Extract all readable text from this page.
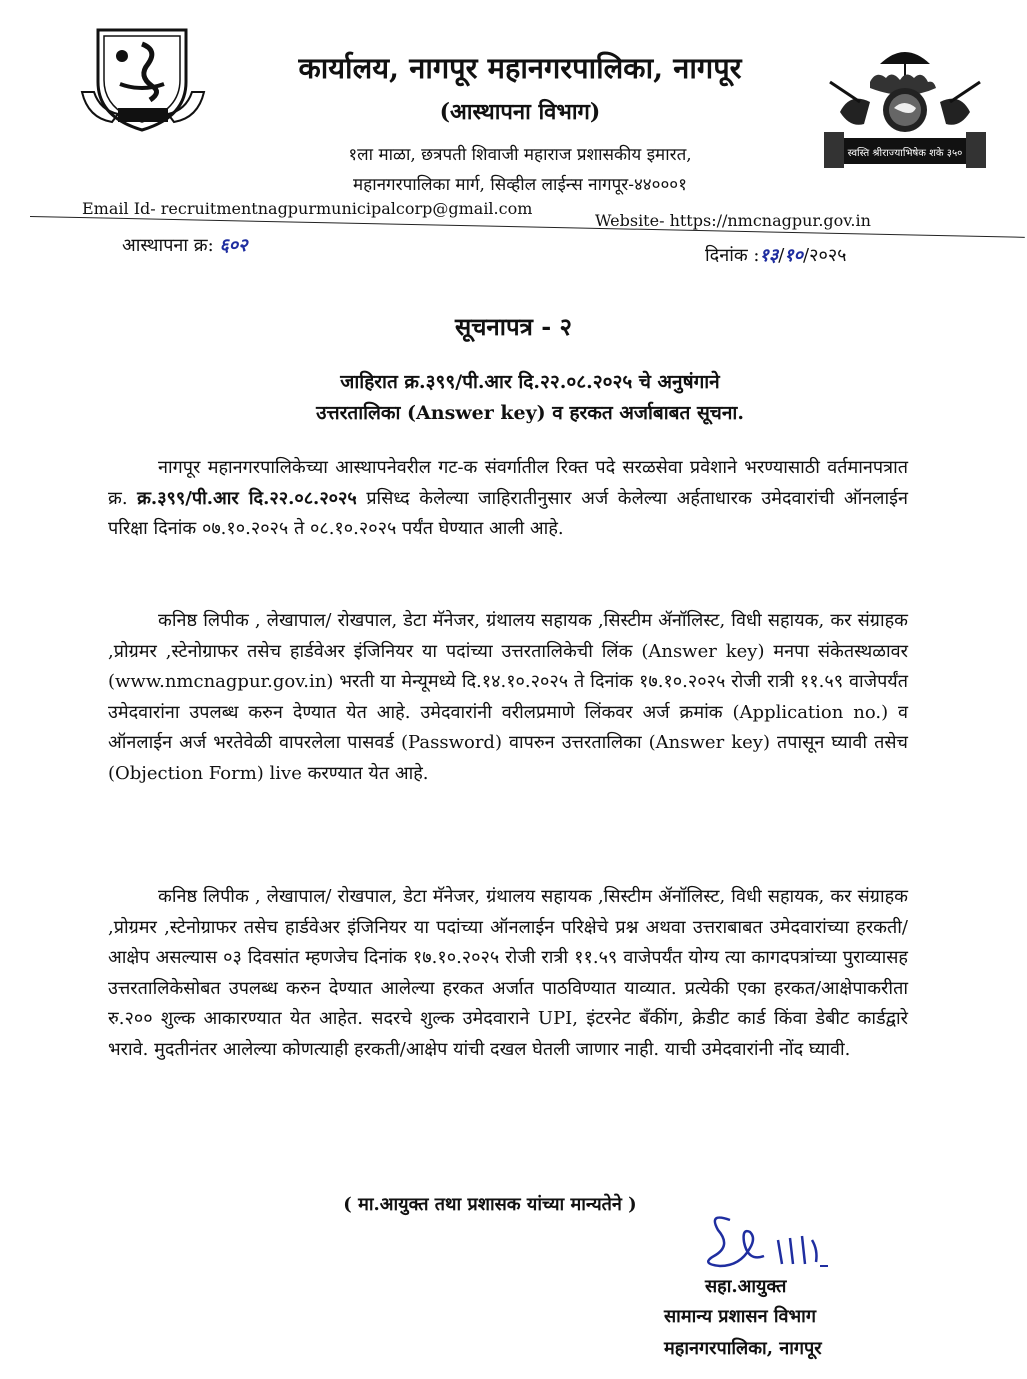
स्वस्ति श्रीराज्याभिषेक शके ३५०
कार्यालय, नागपूर महानगरपालिका, नागपूर
(आस्थापना विभाग)
१ला माळा, छत्रपती शिवाजी महाराज प्रशासकीय इमारत,
महानगरपालिका मार्ग, सिव्हील लाईन्स नागपूर-४४०००१
Email Id- recruitmentnagpurmunicipalcorp@gmail.com
Website- https://nmcnagpur.gov.in
आस्थापना क्र: ६०२	दिनांक :१३/१०/२०२५
सूचनापत्र - २
जाहिरात क्र.३९९/पी.आर दि.२२.०८.२०२५ चे अनुषंगाने
उत्तरतालिका (Answer key) व हरकत अर्जाबाबत सूचना.

नागपूर महानगरपालिकेच्या आस्थापनेवरील गट-क संवर्गातील रिक्त पदे सरळसेवा प्रवेशाने भरण्यासाठी वर्तमानपत्रात क्र. क्र.३९९/पी.आर दि.२२.०८.२०२५ प्रसिध्द केलेल्या जाहिरातीनुसार अर्ज केलेल्या अर्हताधारक उमेदवारांची ऑनलाईन परिक्षा दिनांक ०७.१०.२०२५ ते ०८.१०.२०२५ पर्यंत घेण्यात आली आहे.

कनिष्ठ लिपीक , लेखापाल/ रोखपाल, डेटा मॅनेजर, ग्रंथालय सहायक ,सिस्टीम ॲनॉलिस्ट, विधी सहायक, कर संग्राहक ,प्रोग्रमर ,स्टेनोग्राफर तसेच हार्डवेअर इंजिनियर या पदांच्या उत्तरतालिकेची लिंक (Answer key) मनपा संकेतस्थळावर (www.nmcnagpur.gov.in) भरती या मेन्यूमध्ये दि.१४.१०.२०२५ ते दिनांक १७.१०.२०२५ रोजी रात्री ११.५९ वाजेपर्यंत उमेदवारांना उपलब्ध करुन देण्यात येत आहे. उमेदवारांनी वरीलप्रमाणे लिंकवर अर्ज क्रमांक (Application no.) व ऑनलाईन अर्ज भरतेवेळी वापरलेला पासवर्ड (Password) वापरुन उत्तरतालिका (Answer key) तपासून घ्यावी तसेच (Objection Form) live करण्यात येत आहे.

कनिष्ठ लिपीक , लेखापाल/ रोखपाल, डेटा मॅनेजर, ग्रंथालय सहायक ,सिस्टीम ॲनॉलिस्ट, विधी सहायक, कर संग्राहक ,प्रोग्रमर ,स्टेनोग्राफर तसेच हार्डवेअर इंजिनियर या पदांच्या ऑनलाईन परिक्षेचे प्रश्न अथवा उत्तराबाबत उमेदवारांच्या हरकती/आक्षेप असल्यास ०३ दिवसांत म्हणजेच दिनांक १७.१०.२०२५ रोजी रात्री ११.५९ वाजेपर्यंत योग्य त्या कागदपत्रांच्या पुराव्यासह उत्तरतालिकेसोबत उपलब्ध करुन देण्यात आलेल्या हरकत अर्जात पाठविण्यात याव्यात. प्रत्येकी एका हरकत/आक्षेपाकरीता रु.२०० शुल्क आकारण्यात येत आहेत. सदरचे शुल्क उमेदवाराने UPI, इंटरनेट बँकींग, क्रेडीट कार्ड किंवा डेबीट कार्डद्वारे भरावे. मुदतीनंतर आलेल्या कोणत्याही हरकती/आक्षेप यांची दखल घेतली जाणार नाही. याची उमेदवारांनी नोंद घ्यावी.

( मा.आयुक्त तथा प्रशासक यांच्या मान्यतेने )
सहा.आयुक्त
सामान्य प्रशासन विभाग
महानगरपालिका, नागपूर
